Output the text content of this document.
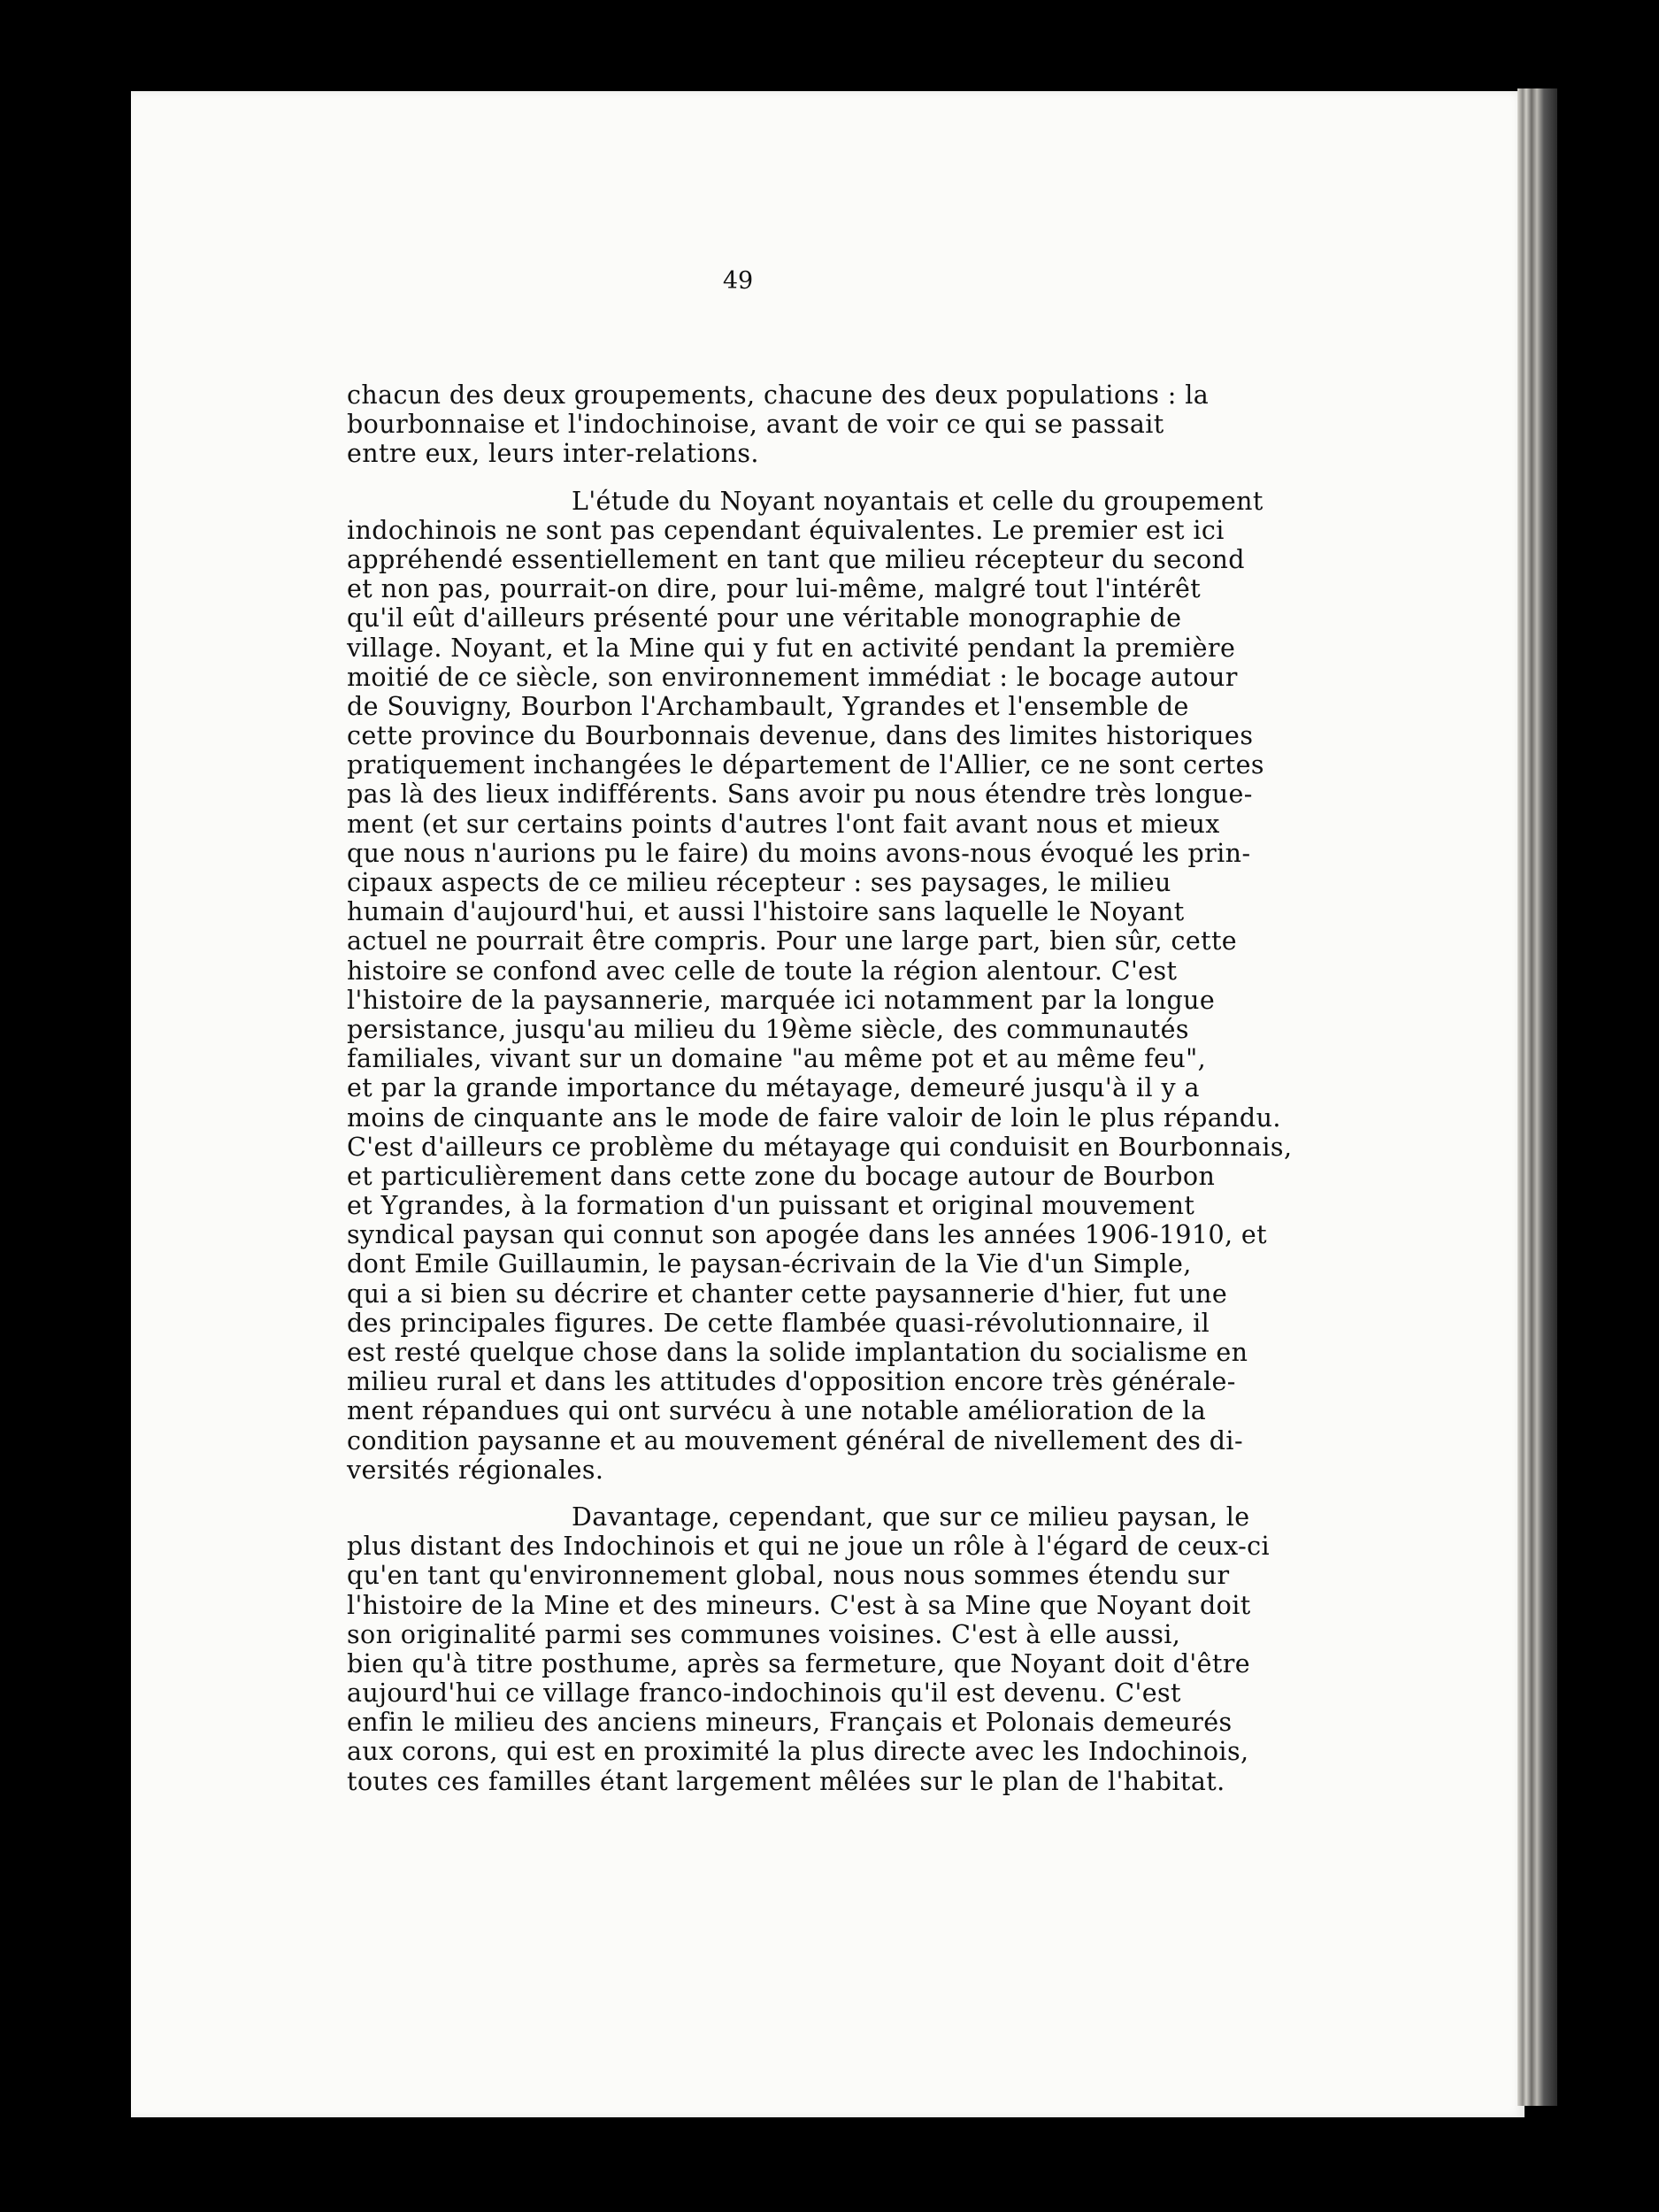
49
chacun des deux groupements, chacune des deux populations : la
bourbonnaise et l'indochinoise, avant de voir ce qui se passait
entre eux, leurs inter-relations.
L'étude du Noyant noyantais et celle du groupement
indochinois ne sont pas cependant équivalentes. Le premier est ici
appréhendé essentiellement en tant que milieu récepteur du second
et non pas, pourrait-on dire, pour lui-même, malgré tout l'intérêt
qu'il eût d'ailleurs présenté pour une véritable monographie de
village. Noyant, et la Mine qui y fut en activité pendant la première
moitié de ce siècle, son environnement immédiat : le bocage autour
de Souvigny, Bourbon l'Archambault, Ygrandes et l'ensemble de
cette province du Bourbonnais devenue, dans des limites historiques
pratiquement inchangées le département de l'Allier, ce ne sont certes
pas là des lieux indifférents. Sans avoir pu nous étendre très longue-
ment (et sur certains points d'autres l'ont fait avant nous et mieux
que nous n'aurions pu le faire) du moins avons-nous évoqué les prin-
cipaux aspects de ce milieu récepteur : ses paysages, le milieu
humain d'aujourd'hui, et aussi l'histoire sans laquelle le Noyant
actuel ne pourrait être compris. Pour une large part, bien sûr, cette
histoire se confond avec celle de toute la région alentour. C'est
l'histoire de la paysannerie, marquée ici notamment par la longue
persistance, jusqu'au milieu du 19ème siècle, des communautés
familiales, vivant sur un domaine "au même pot et au même feu",
et par la grande importance du métayage, demeuré jusqu'à il y a
moins de cinquante ans le mode de faire valoir de loin le plus répandu.
C'est d'ailleurs ce problème du métayage qui conduisit en Bourbonnais,
et particulièrement dans cette zone du bocage autour de Bourbon
et Ygrandes, à la formation d'un puissant et original mouvement
syndical paysan qui connut son apogée dans les années 1906-1910, et
dont Emile Guillaumin, le paysan-écrivain de la Vie d'un Simple,
qui a si bien su décrire et chanter cette paysannerie d'hier, fut une
des principales figures. De cette flambée quasi-révolutionnaire, il
est resté quelque chose dans la solide implantation du socialisme en
milieu rural et dans les attitudes d'opposition encore très générale-
ment répandues qui ont survécu à une notable amélioration de la
condition paysanne et au mouvement général de nivellement des di-
versités régionales.
Davantage, cependant, que sur ce milieu paysan, le
plus distant des Indochinois et qui ne joue un rôle à l'égard de ceux-ci
qu'en tant qu'environnement global, nous nous sommes étendu sur
l'histoire de la Mine et des mineurs. C'est à sa Mine que Noyant doit
son originalité parmi ses communes voisines. C'est à elle aussi,
bien qu'à titre posthume, après sa fermeture, que Noyant doit d'être
aujourd'hui ce village franco-indochinois qu'il est devenu. C'est
enfin le milieu des anciens mineurs, Français et Polonais demeurés
aux corons, qui est en proximité la plus directe avec les Indochinois,
toutes ces familles étant largement mêlées sur le plan de l'habitat.
